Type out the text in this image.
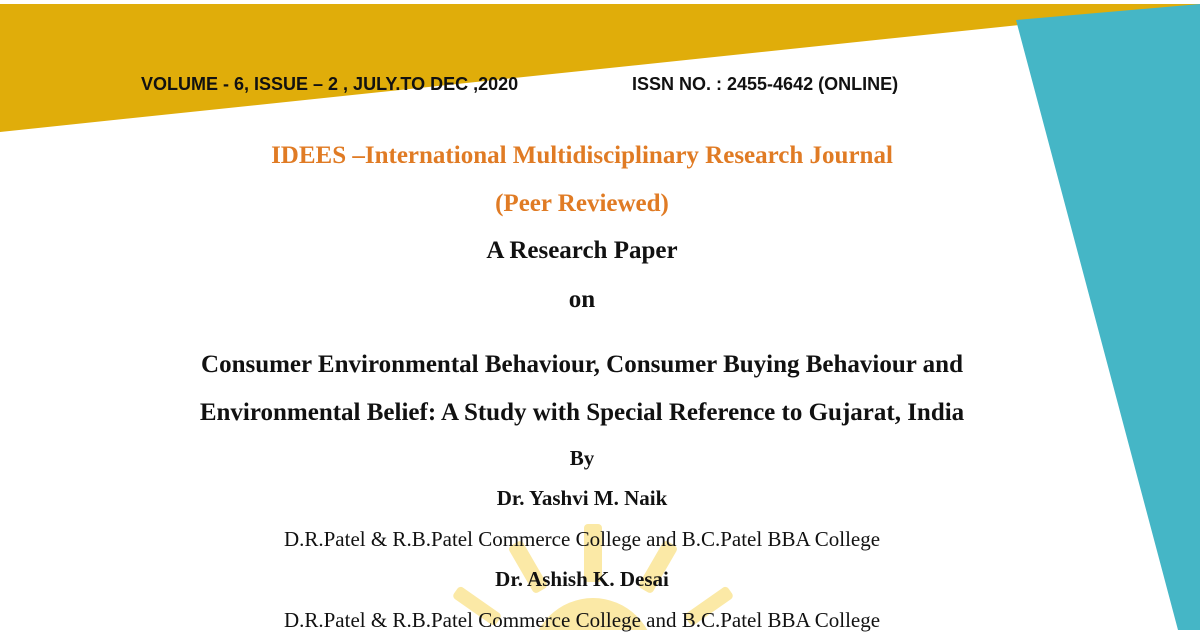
VOLUME - 6, ISSUE – 2 , JULY.TO DEC ,2020	ISSN NO. : 2455-4642 (ONLINE)
IDEES –International Multidisciplinary Research Journal
(Peer Reviewed)
A Research Paper
on
Consumer Environmental Behaviour, Consumer Buying Behaviour and
Environmental Belief: A Study with Special Reference to Gujarat, India
By
Dr. Yashvi M. Naik
D.R.Patel & R.B.Patel Commerce College and B.C.Patel BBA College
Dr. Ashish K. Desai
D.R.Patel & R.B.Patel Commerce College and B.C.Patel BBA College
